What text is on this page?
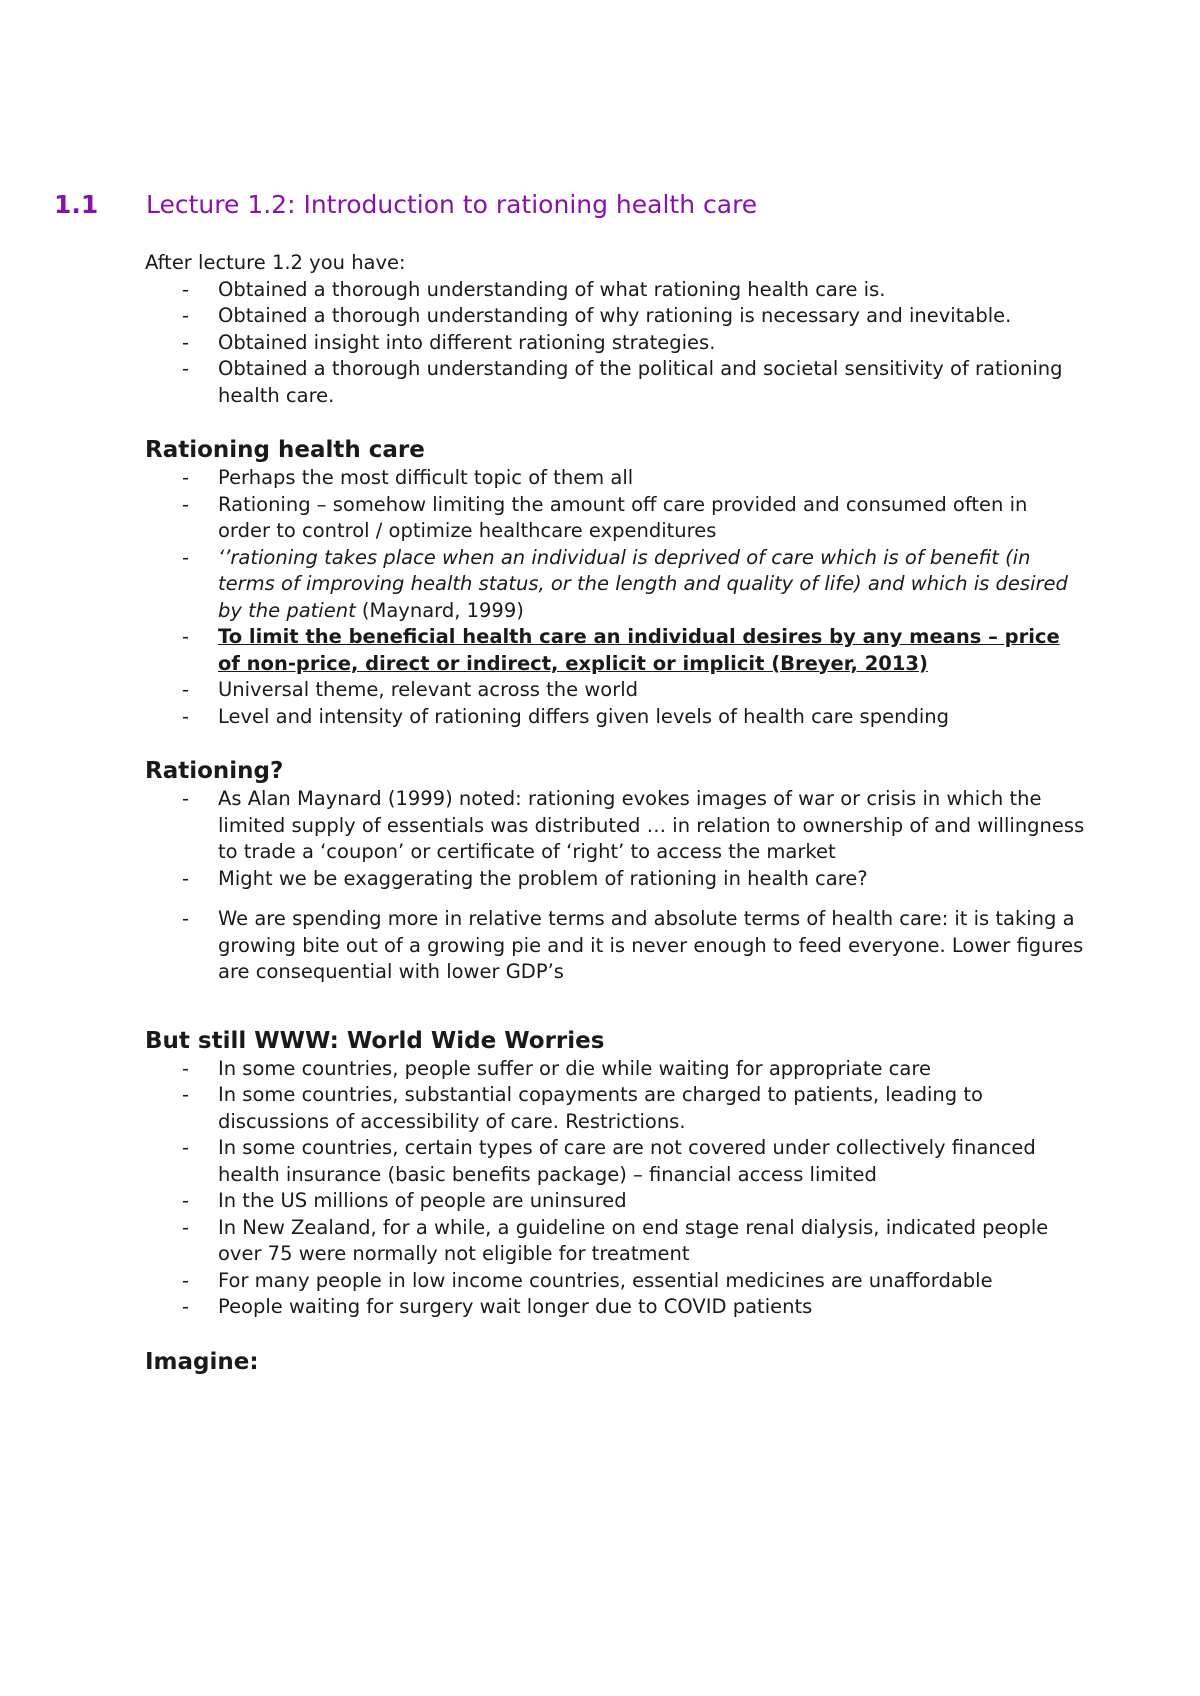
1.1	Lecture 1.2: Introduction to rationing health care

After lecture 1.2 you have:

- Obtained a thorough understanding of what rationing health care is.
- Obtained a thorough understanding of why rationing is necessary and inevitable.
- Obtained insight into different rationing strategies.
- Obtained a thorough understanding of the political and societal sensitivity of rationing health care.
Rationing health care
- Perhaps the most difficult topic of them all
- Rationing – somehow limiting the amount off care provided and consumed often in order to control / optimize healthcare expenditures
- ‘’rationing takes place when an individual is deprived of care which is of benefit (in terms of improving health status, or the length and quality of life) and which is desired by the patient (Maynard, 1999)
- To limit the beneficial health care an individual desires by any means – price of non-price, direct or indirect, explicit or implicit (Breyer, 2013)
- Universal theme, relevant across the world
- Level and intensity of rationing differs given levels of health care spending
Rationing?
- As Alan Maynard (1999) noted: rationing evokes images of war or crisis in which the limited supply of essentials was distributed … in relation to ownership of and willingness to trade a ‘coupon’ or certificate of ‘right’ to access the market
- Might we be exaggerating the problem of rationing in health care?
- We are spending more in relative terms and absolute terms of health care: it is taking a growing bite out of a growing pie and it is never enough to feed everyone. Lower figures are consequential with lower GDP’s
But still WWW: World Wide Worries
- In some countries, people suffer or die while waiting for appropriate care
- In some countries, substantial copayments are charged to patients, leading to discussions of accessibility of care. Restrictions.
- In some countries, certain types of care are not covered under collectively financed health insurance (basic benefits package) – financial access limited
- In the US millions of people are uninsured
- In New Zealand, for a while, a guideline on end stage renal dialysis, indicated people over 75 were normally not eligible for treatment
- For many people in low income countries, essential medicines are unaffordable
- People waiting for surgery wait longer due to COVID patients
Imagine:
